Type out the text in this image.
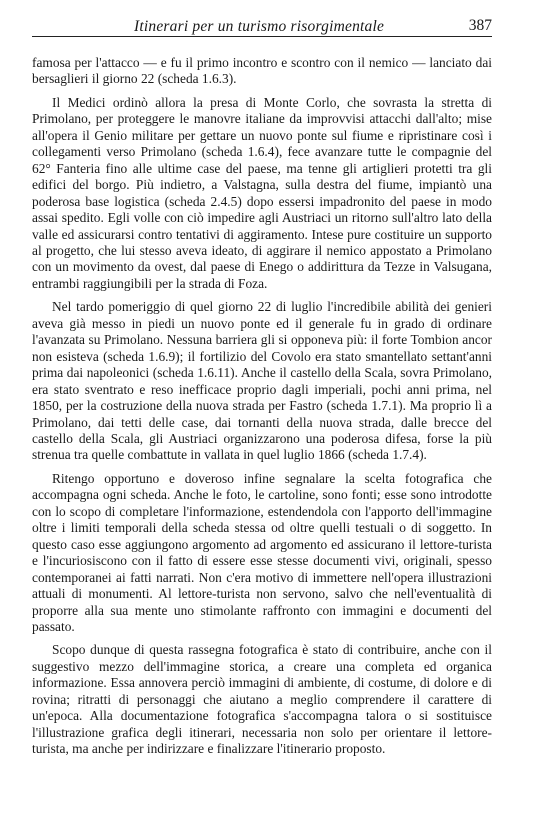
Itinerari per un turismo risorgimentale	387

famosa per l'attacco — e fu il primo incontro e scontro con il nemico — lanciato dai bersaglieri il giorno 22 (scheda 1.6.3).

Il Medici ordinò allora la presa di Monte Corlo, che sovrasta la stretta di Primolano, per proteggere le manovre italiane da improvvisi attacchi dall'alto; mise all'opera il Genio militare per gettare un nuovo ponte sul fiume e ripristinare così i collegamenti verso Primolano (scheda 1.6.4), fece avanzare tutte le compagnie del 62° Fanteria fino alle ultime case del paese, ma tenne gli artiglieri protetti tra gli edifici del borgo. Più indietro, a Valstagna, sulla destra del fiume, impiantò una poderosa base logistica (scheda 2.4.5) dopo essersi impadronito del paese in modo assai spedito. Egli volle con ciò impedire agli Austriaci un ritorno sull'altro lato della valle ed assicurarsi contro tentativi di aggiramento. Intese pure costituire un supporto al progetto, che lui stesso aveva ideato, di aggirare il nemico appostato a Primolano con un movimento da ovest, dal paese di Enego o addirittura da Tezze in Valsugana, entrambi raggiungibili per la strada di Foza.

Nel tardo pomeriggio di quel giorno 22 di luglio l'incredibile abilità dei genieri aveva già messo in piedi un nuovo ponte ed il generale fu in grado di ordinare l'avanzata su Primolano. Nessuna barriera gli si opponeva più: il forte Tombion ancor non esisteva (scheda 1.6.9); il fortilizio del Covolo era stato smantellato settant'anni prima dai napoleonici (scheda 1.6.11). Anche il castello della Scala, sovra Primolano, era stato sventrato e reso inefficace proprio dagli imperiali, pochi anni prima, nel 1850, per la costruzione della nuova strada per Fastro (scheda 1.7.1). Ma proprio lì a Primolano, dai tetti delle case, dai tornanti della nuova strada, dalle brecce del castello della Scala, gli Austriaci organizzarono una poderosa difesa, forse la più strenua tra quelle combattute in vallata in quel luglio 1866 (scheda 1.7.4).

Ritengo opportuno e doveroso infine segnalare la scelta fotografica che accompagna ogni scheda. Anche le foto, le cartoline, sono fonti; esse sono introdotte con lo scopo di completare l'informazione, estendendola con l'apporto dell'immagine oltre i limiti temporali della scheda stessa od oltre quelli testuali o di soggetto. In questo caso esse aggiungono argomento ad argomento ed assicurano il lettore-turista e l'incuriosiscono con il fatto di essere esse stesse documenti vivi, originali, spesso contemporanei ai fatti narrati. Non c'era motivo di immettere nell'opera illustrazioni attuali di monumenti. Al lettore-turista non servono, salvo che nell'eventualità di proporre alla sua mente uno stimolante raffronto con immagini e documenti del passato.

Scopo dunque di questa rassegna fotografica è stato di contribuire, anche con il suggestivo mezzo dell'immagine storica, a creare una completa ed organica informazione. Essa annovera perciò immagini di ambiente, di costume, di dolore e di rovina; ritratti di personaggi che aiutano a meglio comprendere il carattere di un'epoca. Alla documentazione fotografica s'accompagna talora o si sostituisce l'illustrazione grafica degli itinerari, necessaria non solo per orientare il lettore-turista, ma anche per indirizzare e finalizzare l'itinerario proposto.
